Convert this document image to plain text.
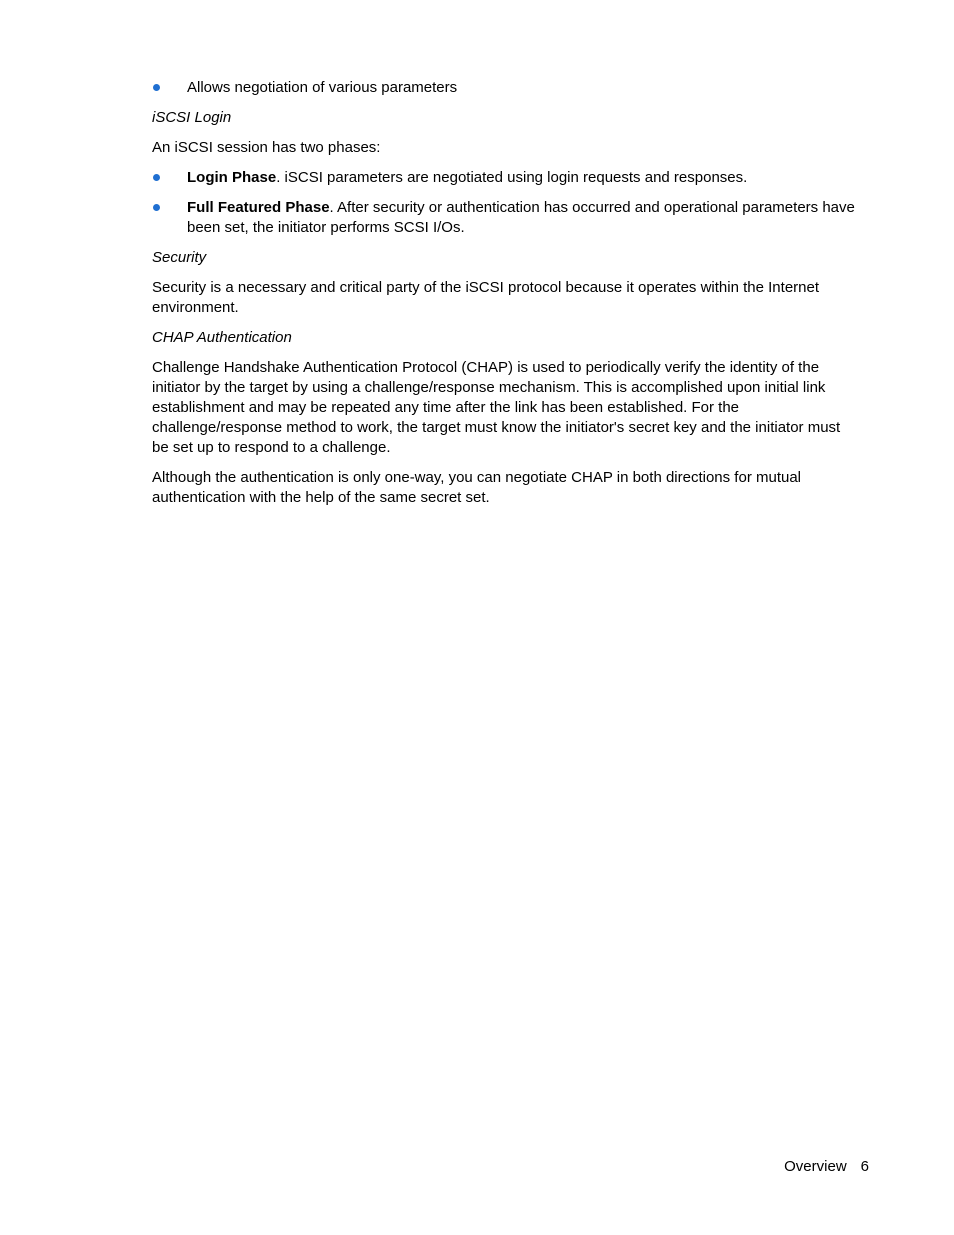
Allows negotiation of various parameters
iSCSI Login
An iSCSI session has two phases:
Login Phase. iSCSI parameters are negotiated using login requests and responses.
Full Featured Phase. After security or authentication has occurred and operational parameters have been set, the initiator performs SCSI I/Os.
Security
Security is a necessary and critical party of the iSCSI protocol because it operates within the Internet environment.
CHAP Authentication
Challenge Handshake Authentication Protocol (CHAP) is used to periodically verify the identity of the initiator by the target by using a challenge/response mechanism. This is accomplished upon initial link establishment and may be repeated any time after the link has been established. For the challenge/response method to work, the target must know the initiator's secret key and the initiator must be set up to respond to a challenge.
Although the authentication is only one-way, you can negotiate CHAP in both directions for mutual authentication with the help of the same secret set.
Overview 6
